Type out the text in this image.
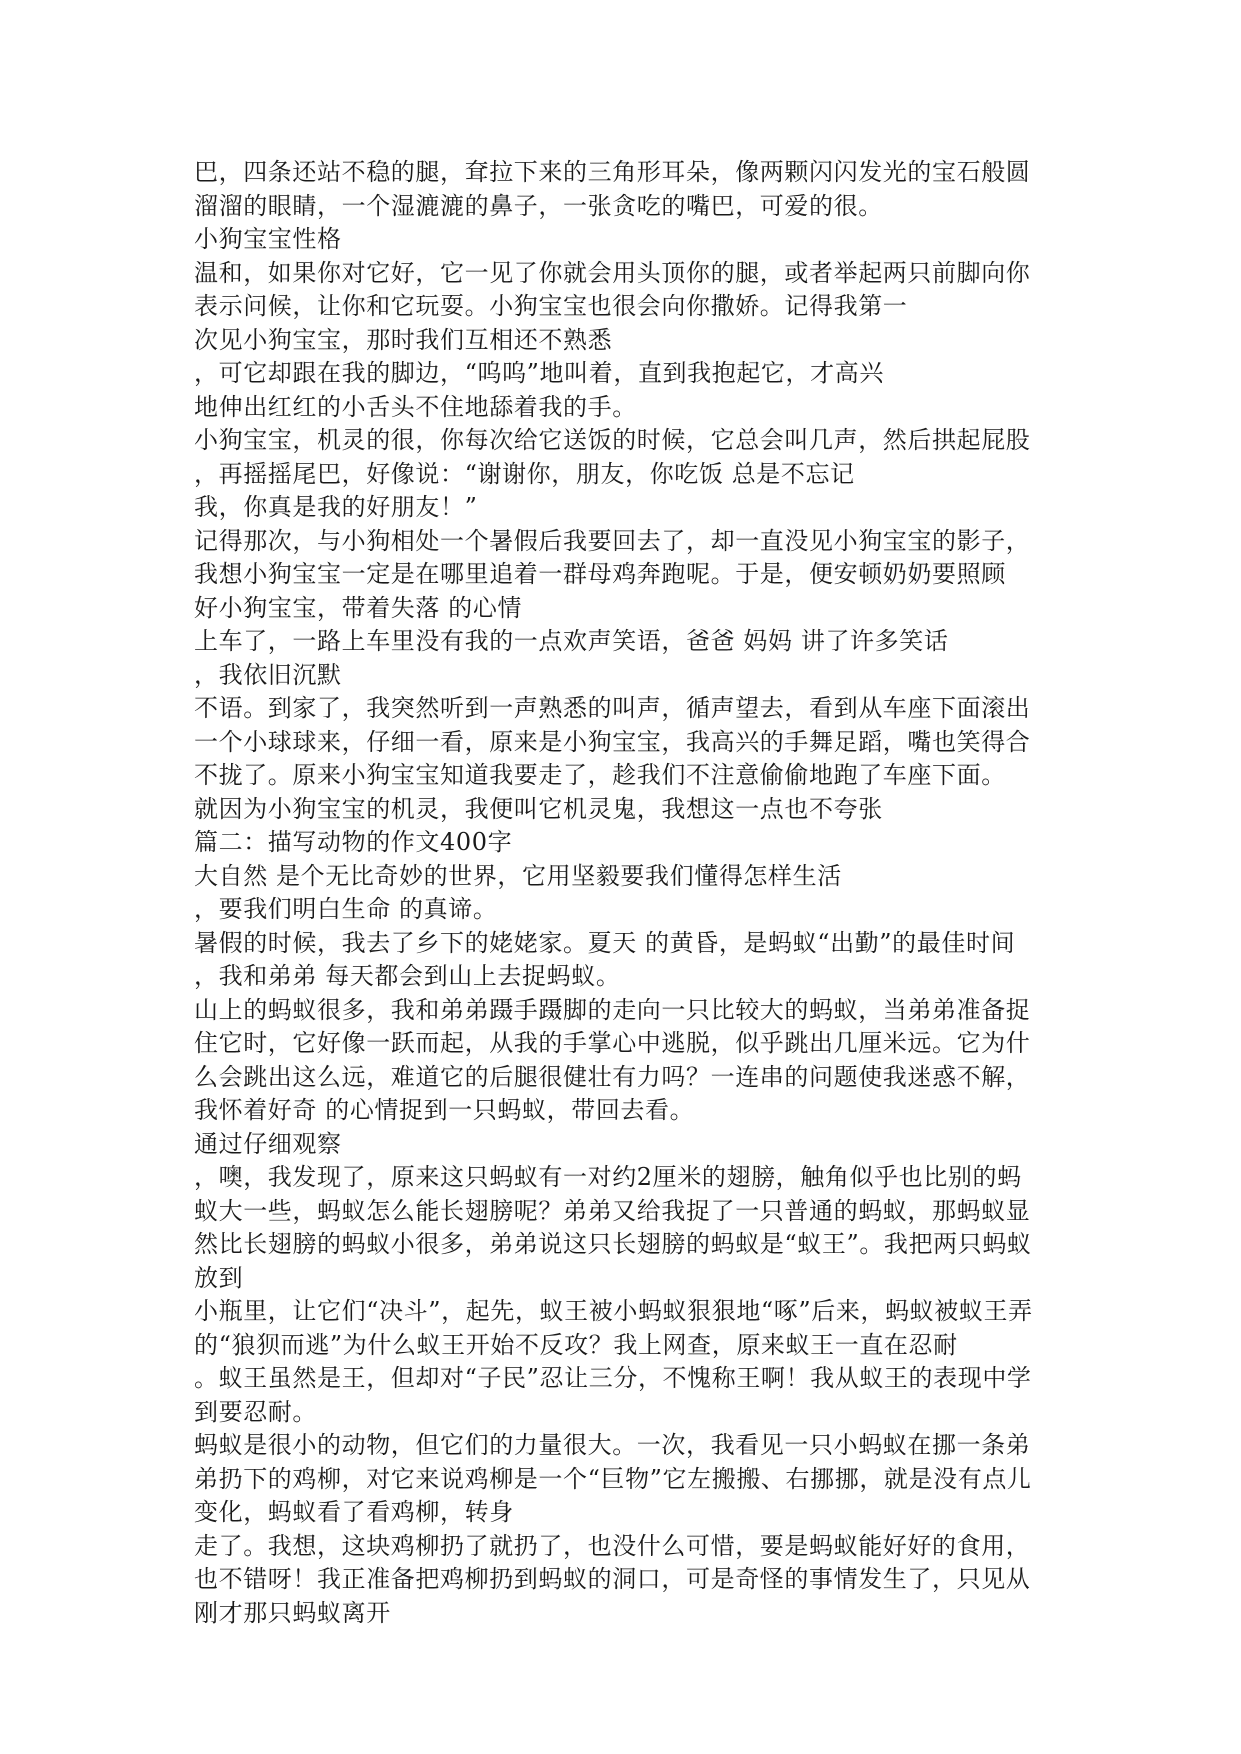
巴，四条还站不稳的腿，耷拉下来的三角形耳朵，像两颗闪闪发光的宝石般圆

溜溜的眼睛，一个湿漉漉的鼻子，一张贪吃的嘴巴，可爱的很。

小狗宝宝性格

温和，如果你对它好，它一见了你就会用头顶你的腿，或者举起两只前脚向你

表示问候，让你和它玩耍。小狗宝宝也很会向你撒娇。记得我第一

次见小狗宝宝，那时我们互相还不熟悉

，可它却跟在我的脚边，“呜呜”地叫着，直到我抱起它，才高兴

地伸出红红的小舌头不住地舔着我的手。

小狗宝宝，机灵的很，你每次给它送饭的时候，它总会叫几声，然后拱起屁股

，再摇摇尾巴，好像说：“谢谢你，朋友，你吃饭 总是不忘记

我，你真是我的好朋友！”

记得那次，与小狗相处一个暑假后我要回去了，却一直没见小狗宝宝的影子，

我想小狗宝宝一定是在哪里追着一群母鸡奔跑呢。于是，便安顿奶奶要照顾

好小狗宝宝，带着失落 的心情

上车了，一路上车里没有我的一点欢声笑语，爸爸 妈妈 讲了许多笑话

，我依旧沉默

不语。到家了，我突然听到一声熟悉的叫声，循声望去，看到从车座下面滚出

一个小球球来，仔细一看，原来是小狗宝宝，我高兴的手舞足蹈，嘴也笑得合

不拢了。原来小狗宝宝知道我要走了，趁我们不注意偷偷地跑了车座下面。

就因为小狗宝宝的机灵，我便叫它机灵鬼，我想这一点也不夸张

篇二：描写动物的作文400字

大自然 是个无比奇妙的世界，它用坚毅要我们懂得怎样生活

，要我们明白生命 的真谛。

暑假的时候，我去了乡下的姥姥家。夏天 的黄昏，是蚂蚁“出勤”的最佳时间

，我和弟弟 每天都会到山上去捉蚂蚁。

山上的蚂蚁很多，我和弟弟蹑手蹑脚的走向一只比较大的蚂蚁，当弟弟准备捉

住它时，它好像一跃而起，从我的手掌心中逃脱，似乎跳出几厘米远。它为什

么会跳出这么远，难道它的后腿很健壮有力吗？一连串的问题使我迷惑不解，

我怀着好奇 的心情捉到一只蚂蚁，带回去看。

通过仔细观察

，噢，我发现了，原来这只蚂蚁有一对约2厘米的翅膀，触角似乎也比别的蚂

蚁大一些，蚂蚁怎么能长翅膀呢？弟弟又给我捉了一只普通的蚂蚁，那蚂蚁显

然比长翅膀的蚂蚁小很多，弟弟说这只长翅膀的蚂蚁是“蚁王”。我把两只蚂蚁

放到

小瓶里，让它们“决斗”，起先，蚁王被小蚂蚁狠狠地“啄”后来，蚂蚁被蚁王弄

的“狼狈而逃”为什么蚁王开始不反攻？我上网查，原来蚁王一直在忍耐

。蚁王虽然是王，但却对“子民”忍让三分，不愧称王啊！我从蚁王的表现中学

到要忍耐。

蚂蚁是很小的动物，但它们的力量很大。一次，我看见一只小蚂蚁在挪一条弟

弟扔下的鸡柳，对它来说鸡柳是一个“巨物”它左搬搬、右挪挪，就是没有点儿

变化，蚂蚁看了看鸡柳，转身

走了。我想，这块鸡柳扔了就扔了，也没什么可惜，要是蚂蚁能好好的食用，

也不错呀！我正准备把鸡柳扔到蚂蚁的洞口，可是奇怪的事情发生了，只见从

刚才那只蚂蚁离开
